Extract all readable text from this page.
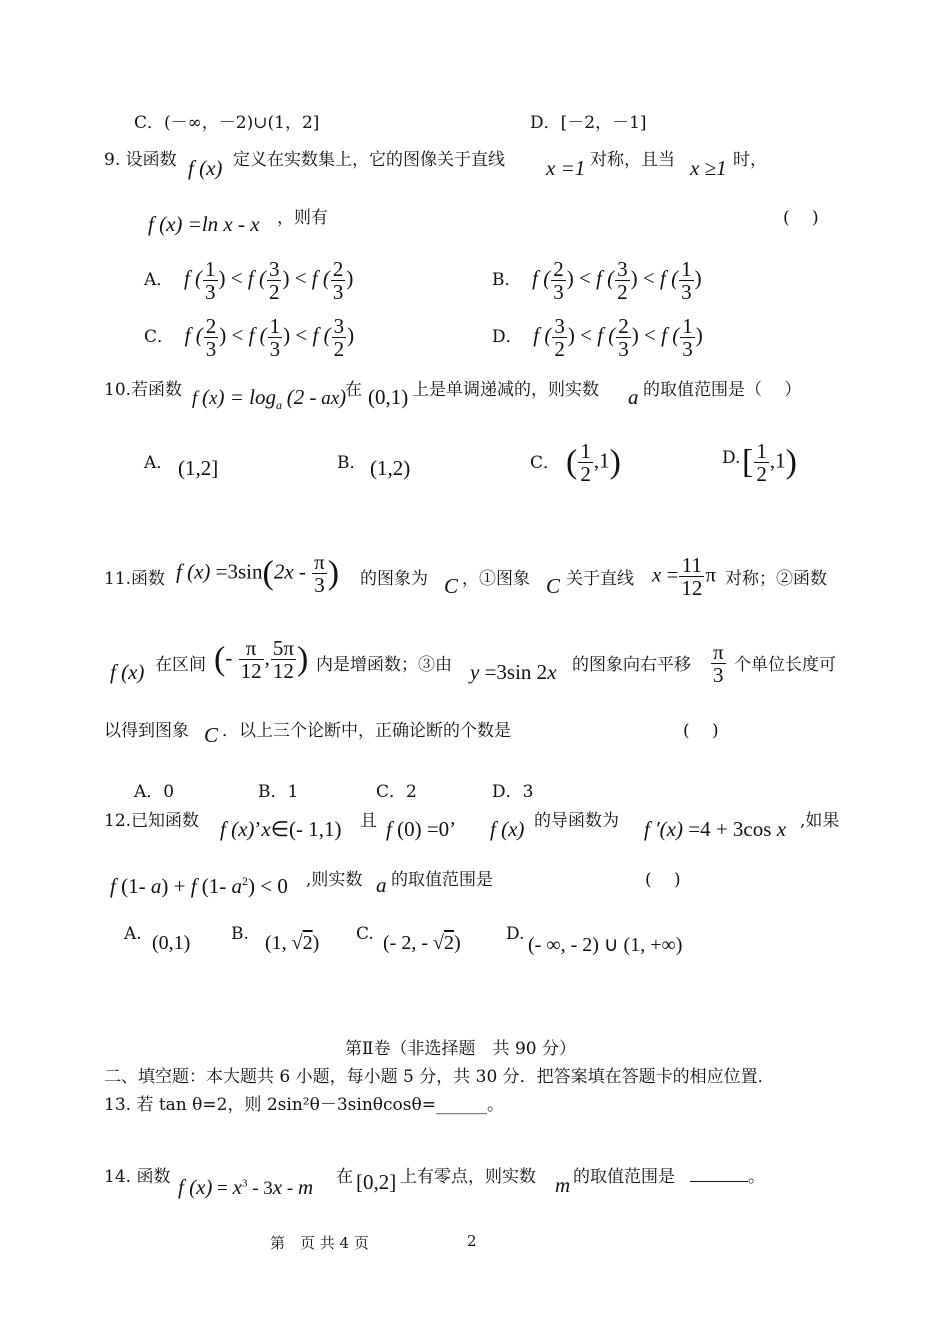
C．(－∞，－2)∪(1，2]	D．[－2，－1]
9. 设函数 f (x) 定义在实数集上，它的图像关于直线 x =1 对称，且当 x ≥1 时，
f (x) =ln x - x ，则有	(　 )
A．  f ( $\frac{1}{3}$ ) < f ( $\frac{3}{2}$ ) < f ( $\frac{2}{3}$ )	B．  f ( $\frac{2}{3}$ ) < f ( $\frac{3}{2}$ ) < f ( $\frac{1}{3}$ )
C．  f ( $\frac{2}{3}$ ) < f ( $\frac{1}{3}$ ) < f ( $\frac{3}{2}$ )	D．  f ( $\frac{3}{2}$ ) < f ( $\frac{2}{3}$ ) < f ( $\frac{1}{3}$ )
10.若函数 f $(x) = \log_a (2 - ax)$
在 (0,1) 上是单调递减的，则实数 a 的取值范围是（　 ）
A． (1,2]	B． (1,2)	C． ( $\frac{1}{2} ,1$)	D. [ $\frac{1}{2} ,1$)
11.函数 f $(x) =3\sin(2x - \frac{\pi}{3}$ ) 的图象为 C ，①图象 C 关于直线 $x = \frac{11}{12}$ π 对称；②函数
f (x) 在区间 (- $\frac{\pi}{12}$ , $\frac{5\pi}{12}$ ) 内是增函数；③由 y =3sin 2x 的图象向右平移 $\frac{\pi}{3}$ 个单位长度可
以得到图象 C ．以上三个论断中，正确论断的个数是	(　 )
A．0	B．1	C．2	D．3
12.已知函数 f (x)’x∈(- 1,1) 且 f (0) =0’ f (x) 的导函数为 f ′(x) =4 + 3cos x ,如果
f (1- a) + f (1- $a^2) < 0$ ,则实数 a 的取值范围是	(　 )
A. (0,1) B. (1, √2) C. (- 2, - √2)	D. (- ∞, - 2) ∪ (1, +∞)
第Ⅱ卷（非选择题　共 90 分）
二、填空题：本大题共 6 小题，每小题 5 分，共 30 分．把答案填在答题卡的相应位置．
13. 若 tan θ=2，则 2sin²θ－3sinθcosθ=______。
14. 函数 f $(x) = x^3 - 3x - m$ 在 [0,2] 上有零点，则实数 m 的取值范围是	。
第　页 共 4 页	2
